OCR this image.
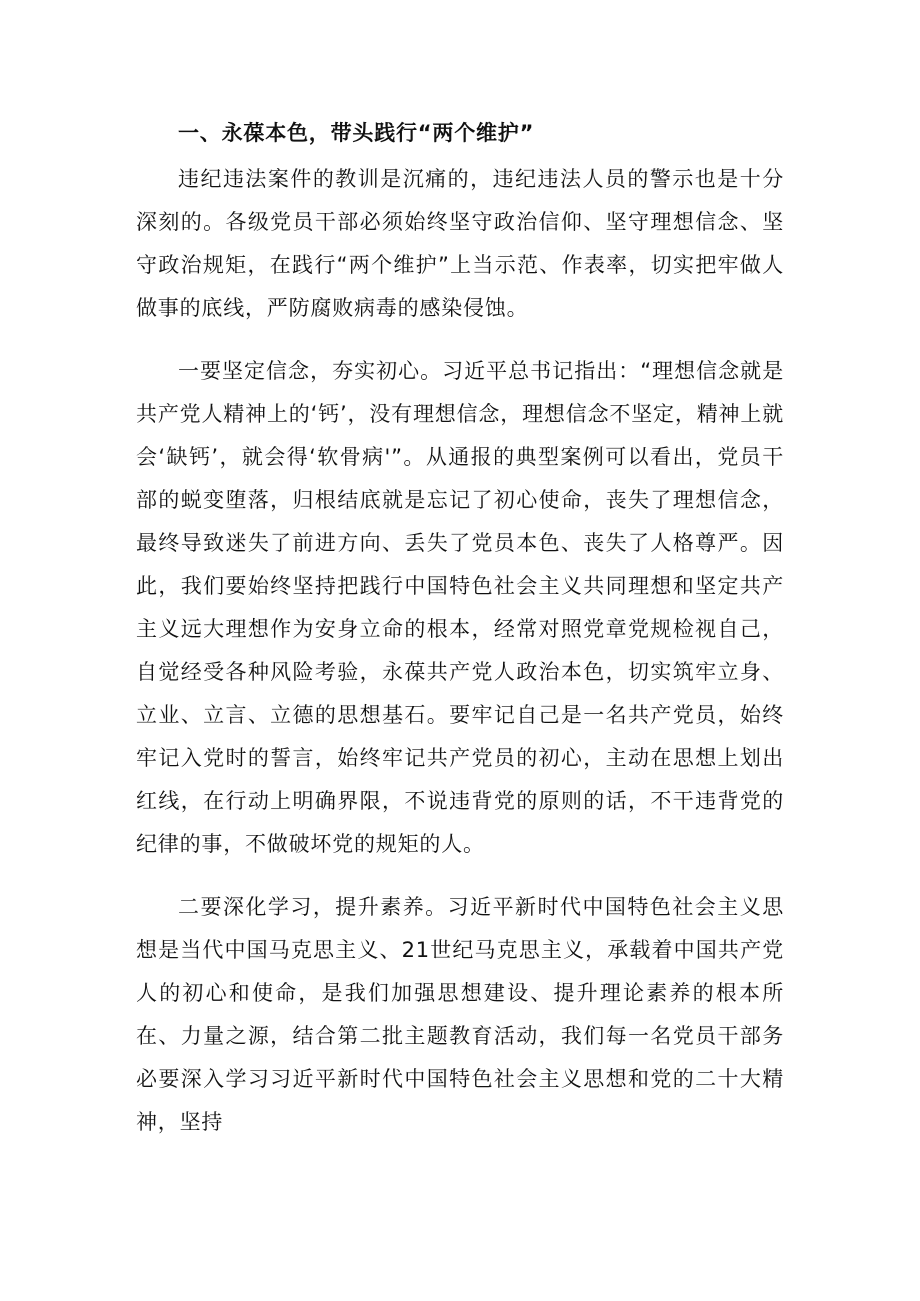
一、永葆本色，带头践行“两个维护”

违纪违法案件的教训是沉痛的，违纪违法人员的警示也是十分深刻的。各级党员干部必须始终坚守政治信仰、坚守理想信念、坚守政治规矩，在践行“两个维护”上当示范、作表率，切实把牢做人做事的底线，严防腐败病毒的感染侵蚀。

一要坚定信念，夯实初心。习近平总书记指出：“理想信念就是共产党人精神上的‘钙’，没有理想信念，理想信念不坚定，精神上就会‘缺钙’，就会得‘软骨病'”。从通报的典型案例可以看出，党员干部的蜕变堕落，归根结底就是忘记了初心使命，丧失了理想信念，最终导致迷失了前进方向、丢失了党员本色、丧失了人格尊严。因此，我们要始终坚持把践行中国特色社会主义共同理想和坚定共产主义远大理想作为安身立命的根本，经常对照党章党规检视自己，自觉经受各种风险考验，永葆共产党人政治本色，切实筑牢立身、立业、立言、立德的思想基石。要牢记自己是一名共产党员，始终牢记入党时的誓言，始终牢记共产党员的初心，主动在思想上划出红线，在行动上明确界限，不说违背党的原则的话，不干违背党的纪律的事，不做破坏党的规矩的人。

二要深化学习，提升素养。习近平新时代中国特色社会主义思想是当代中国马克思主义、21世纪马克思主义，承载着中国共产党人的初心和使命，是我们加强思想建设、提升理论素养的根本所在、力量之源，结合第二批主题教育活动，我们每一名党员干部务必要深入学习习近平新时代中国特色社会主义思想和党的二十大精神，坚持
